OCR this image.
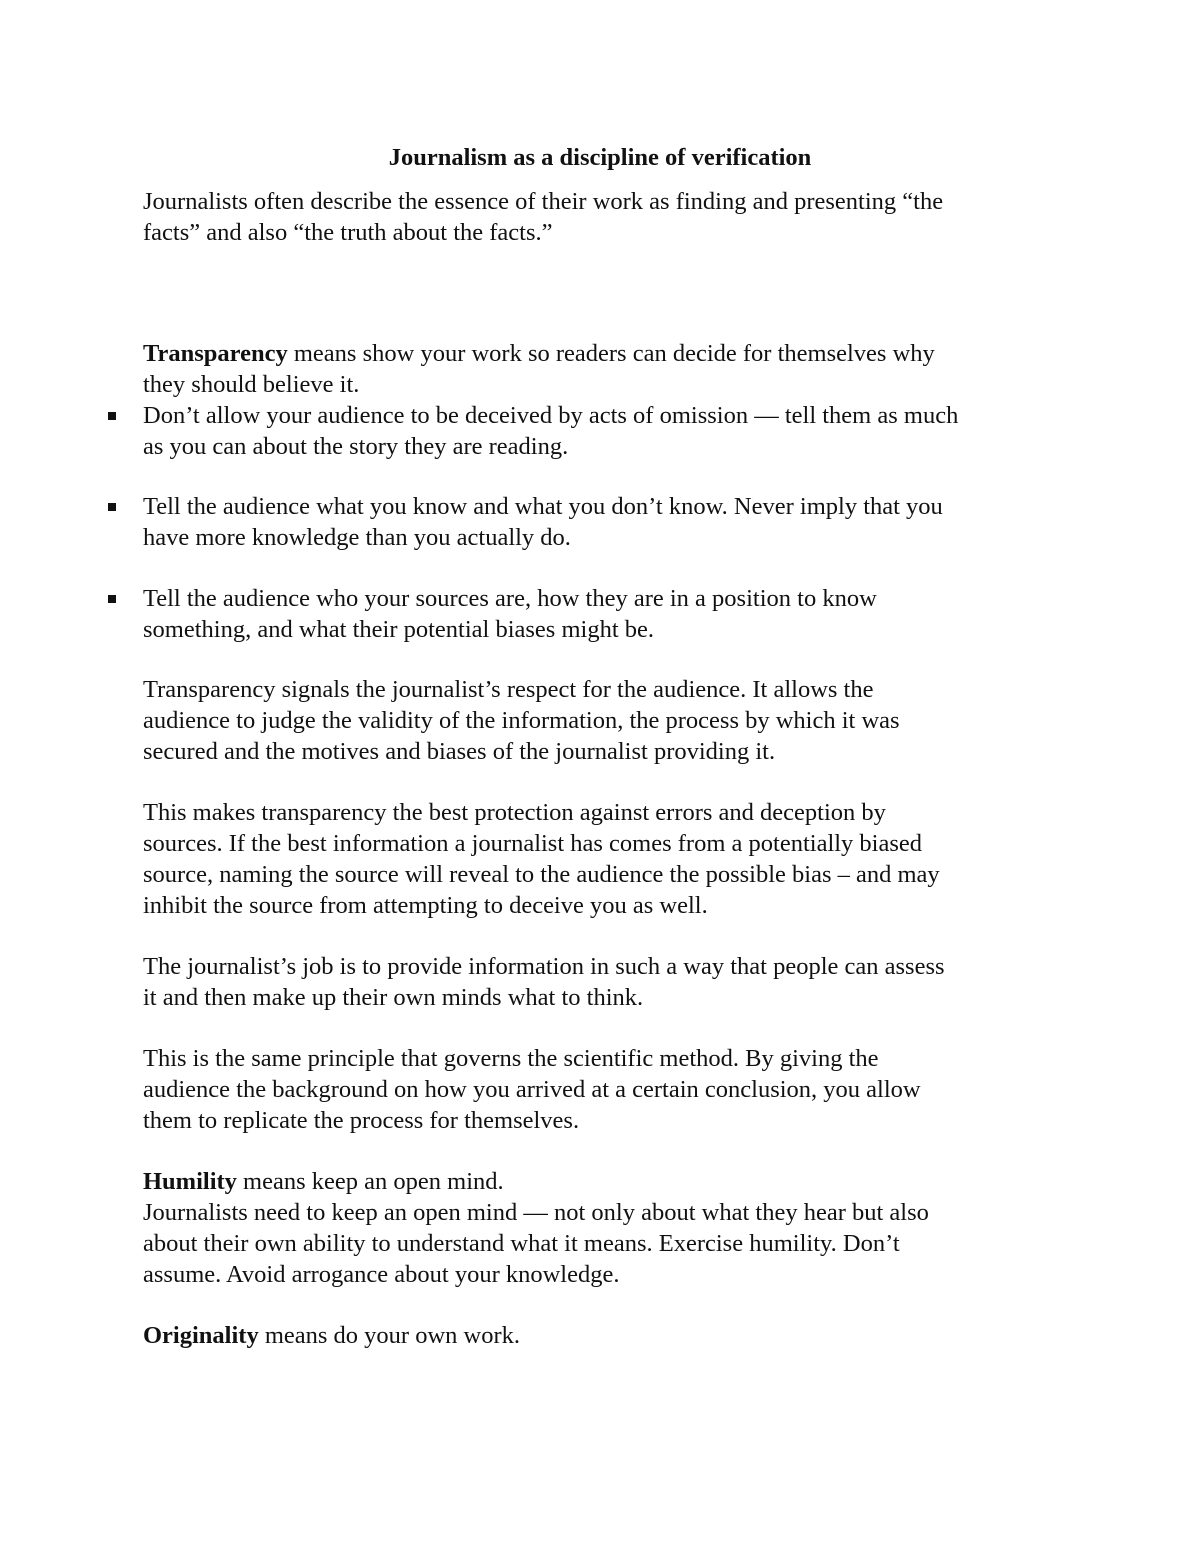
Journalism as a discipline of verification
Journalists often describe the essence of their work as finding and presenting “the
facts” and also “the truth about the facts.”
Transparency means show your work so readers can decide for themselves why
they should believe it.
Don’t allow your audience to be deceived by acts of omission — tell them as much
as you can about the story they are reading.
Tell the audience what you know and what you don’t know. Never imply that you
have more knowledge than you actually do.
Tell the audience who your sources are, how they are in a position to know
something, and what their potential biases might be.
Transparency signals the journalist’s respect for the audience. It allows the
audience to judge the validity of the information, the process by which it was
secured and the motives and biases of the journalist providing it.
This makes transparency the best protection against errors and deception by
sources. If the best information a journalist has comes from a potentially biased
source, naming the source will reveal to the audience the possible bias – and may
inhibit the source from attempting to deceive you as well.
The journalist’s job is to provide information in such a way that people can assess
it and then make up their own minds what to think.
This is the same principle that governs the scientific method. By giving the
audience the background on how you arrived at a certain conclusion, you allow
them to replicate the process for themselves.
Humility means keep an open mind.
Journalists need to keep an open mind — not only about what they hear but also
about their own ability to understand what it means. Exercise humility. Don’t
assume. Avoid arrogance about your knowledge.
Originality means do your own work.
